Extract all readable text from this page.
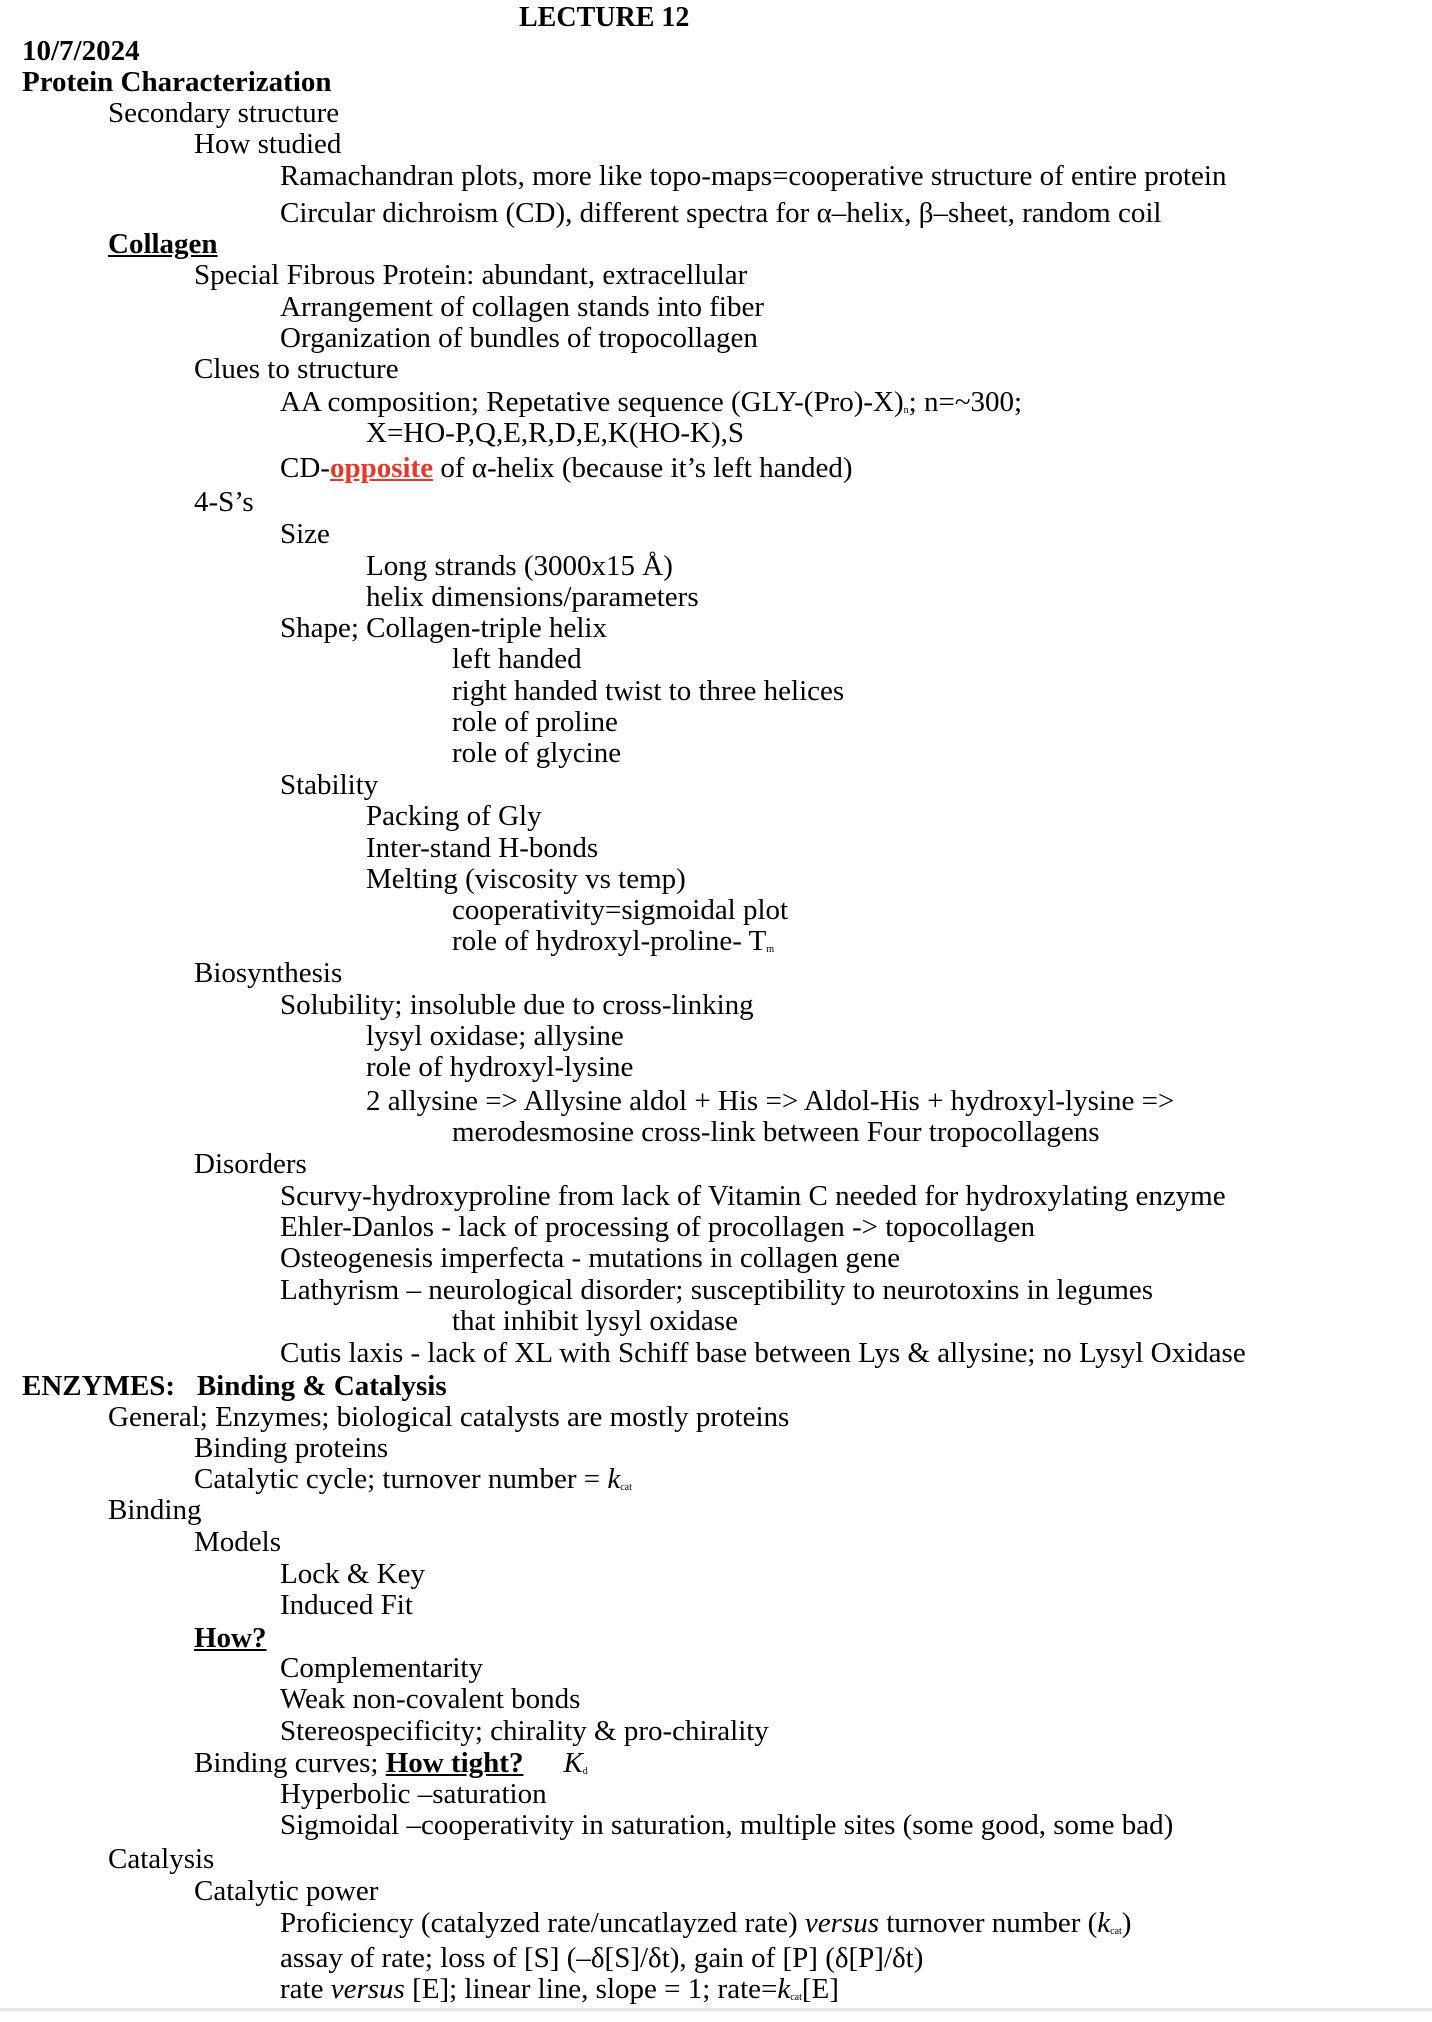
LECTURE 12
10/7/2024
Protein Characterization
Secondary structure
How studied
Ramachandran plots, more like topo-maps=cooperative structure of entire protein
Circular dichroism (CD), different spectra for α–helix, β–sheet, random coil
Collagen
Special Fibrous Protein: abundant, extracellular
Arrangement of collagen stands into fiber
Organization of bundles of tropocollagen
Clues to structure
AA composition; Repetative sequence $(GLY-(Pro)-X)_n$; n=~300;
X=HO-P,Q,E,R,D,E,K(HO-K),S
CD-opposite of α-helix (because it’s left handed)
4-S’s
Size
Long strands (3000x15 Å)
helix dimensions/parameters
Shape; Collagen-triple helix
left handed
right handed twist to three helices
role of proline
role of glycine
Stability
Packing of Gly
Inter-stand H-bonds
Melting (viscosity vs temp)
cooperativity=sigmoidal plot
role of hydroxyl-proline- $T_m$
Biosynthesis
Solubility; insoluble due to cross-linking
lysyl oxidase; allysine
role of hydroxyl-lysine
2 allysine => Allysine aldol + His => Aldol-His + hydroxyl-lysine =>
merodesmosine cross-link between Four tropocollagens
Disorders
Scurvy-hydroxyproline from lack of Vitamin C needed for hydroxylating enzyme
Ehler-Danlos - lack of processing of procollagen -> topocollagen
Osteogenesis imperfecta - mutations in collagen gene
Lathyrism – neurological disorder; susceptibility to neurotoxins in legumes
that inhibit lysyl oxidase
Cutis laxis - lack of XL with Schiff base between Lys & allysine; no Lysyl Oxidase
ENZYMES:   Binding & Catalysis
General; Enzymes; biological catalysts are mostly proteins
Binding proteins
Catalytic cycle; turnover number = $k_{cat}$
Binding
Models
Lock & Key
Induced Fit
How?
Complementarity
Weak non-covalent bonds
Stereospecificity; chirality & pro-chirality
Binding curves; How tight? $K_d$
Hyperbolic –saturation
Sigmoidal –cooperativity in saturation, multiple sites (some good, some bad)
Catalysis
Catalytic power
Proficiency (catalyzed rate/uncatlayzed rate) versus turnover number $(k_{cat})$
assay of rate; loss of [S] (–δ[S]/δt), gain of [P] (δ[P]/δt)
rate versus [E]; linear line, slope = 1; $rate=k_{cat}[E]$
